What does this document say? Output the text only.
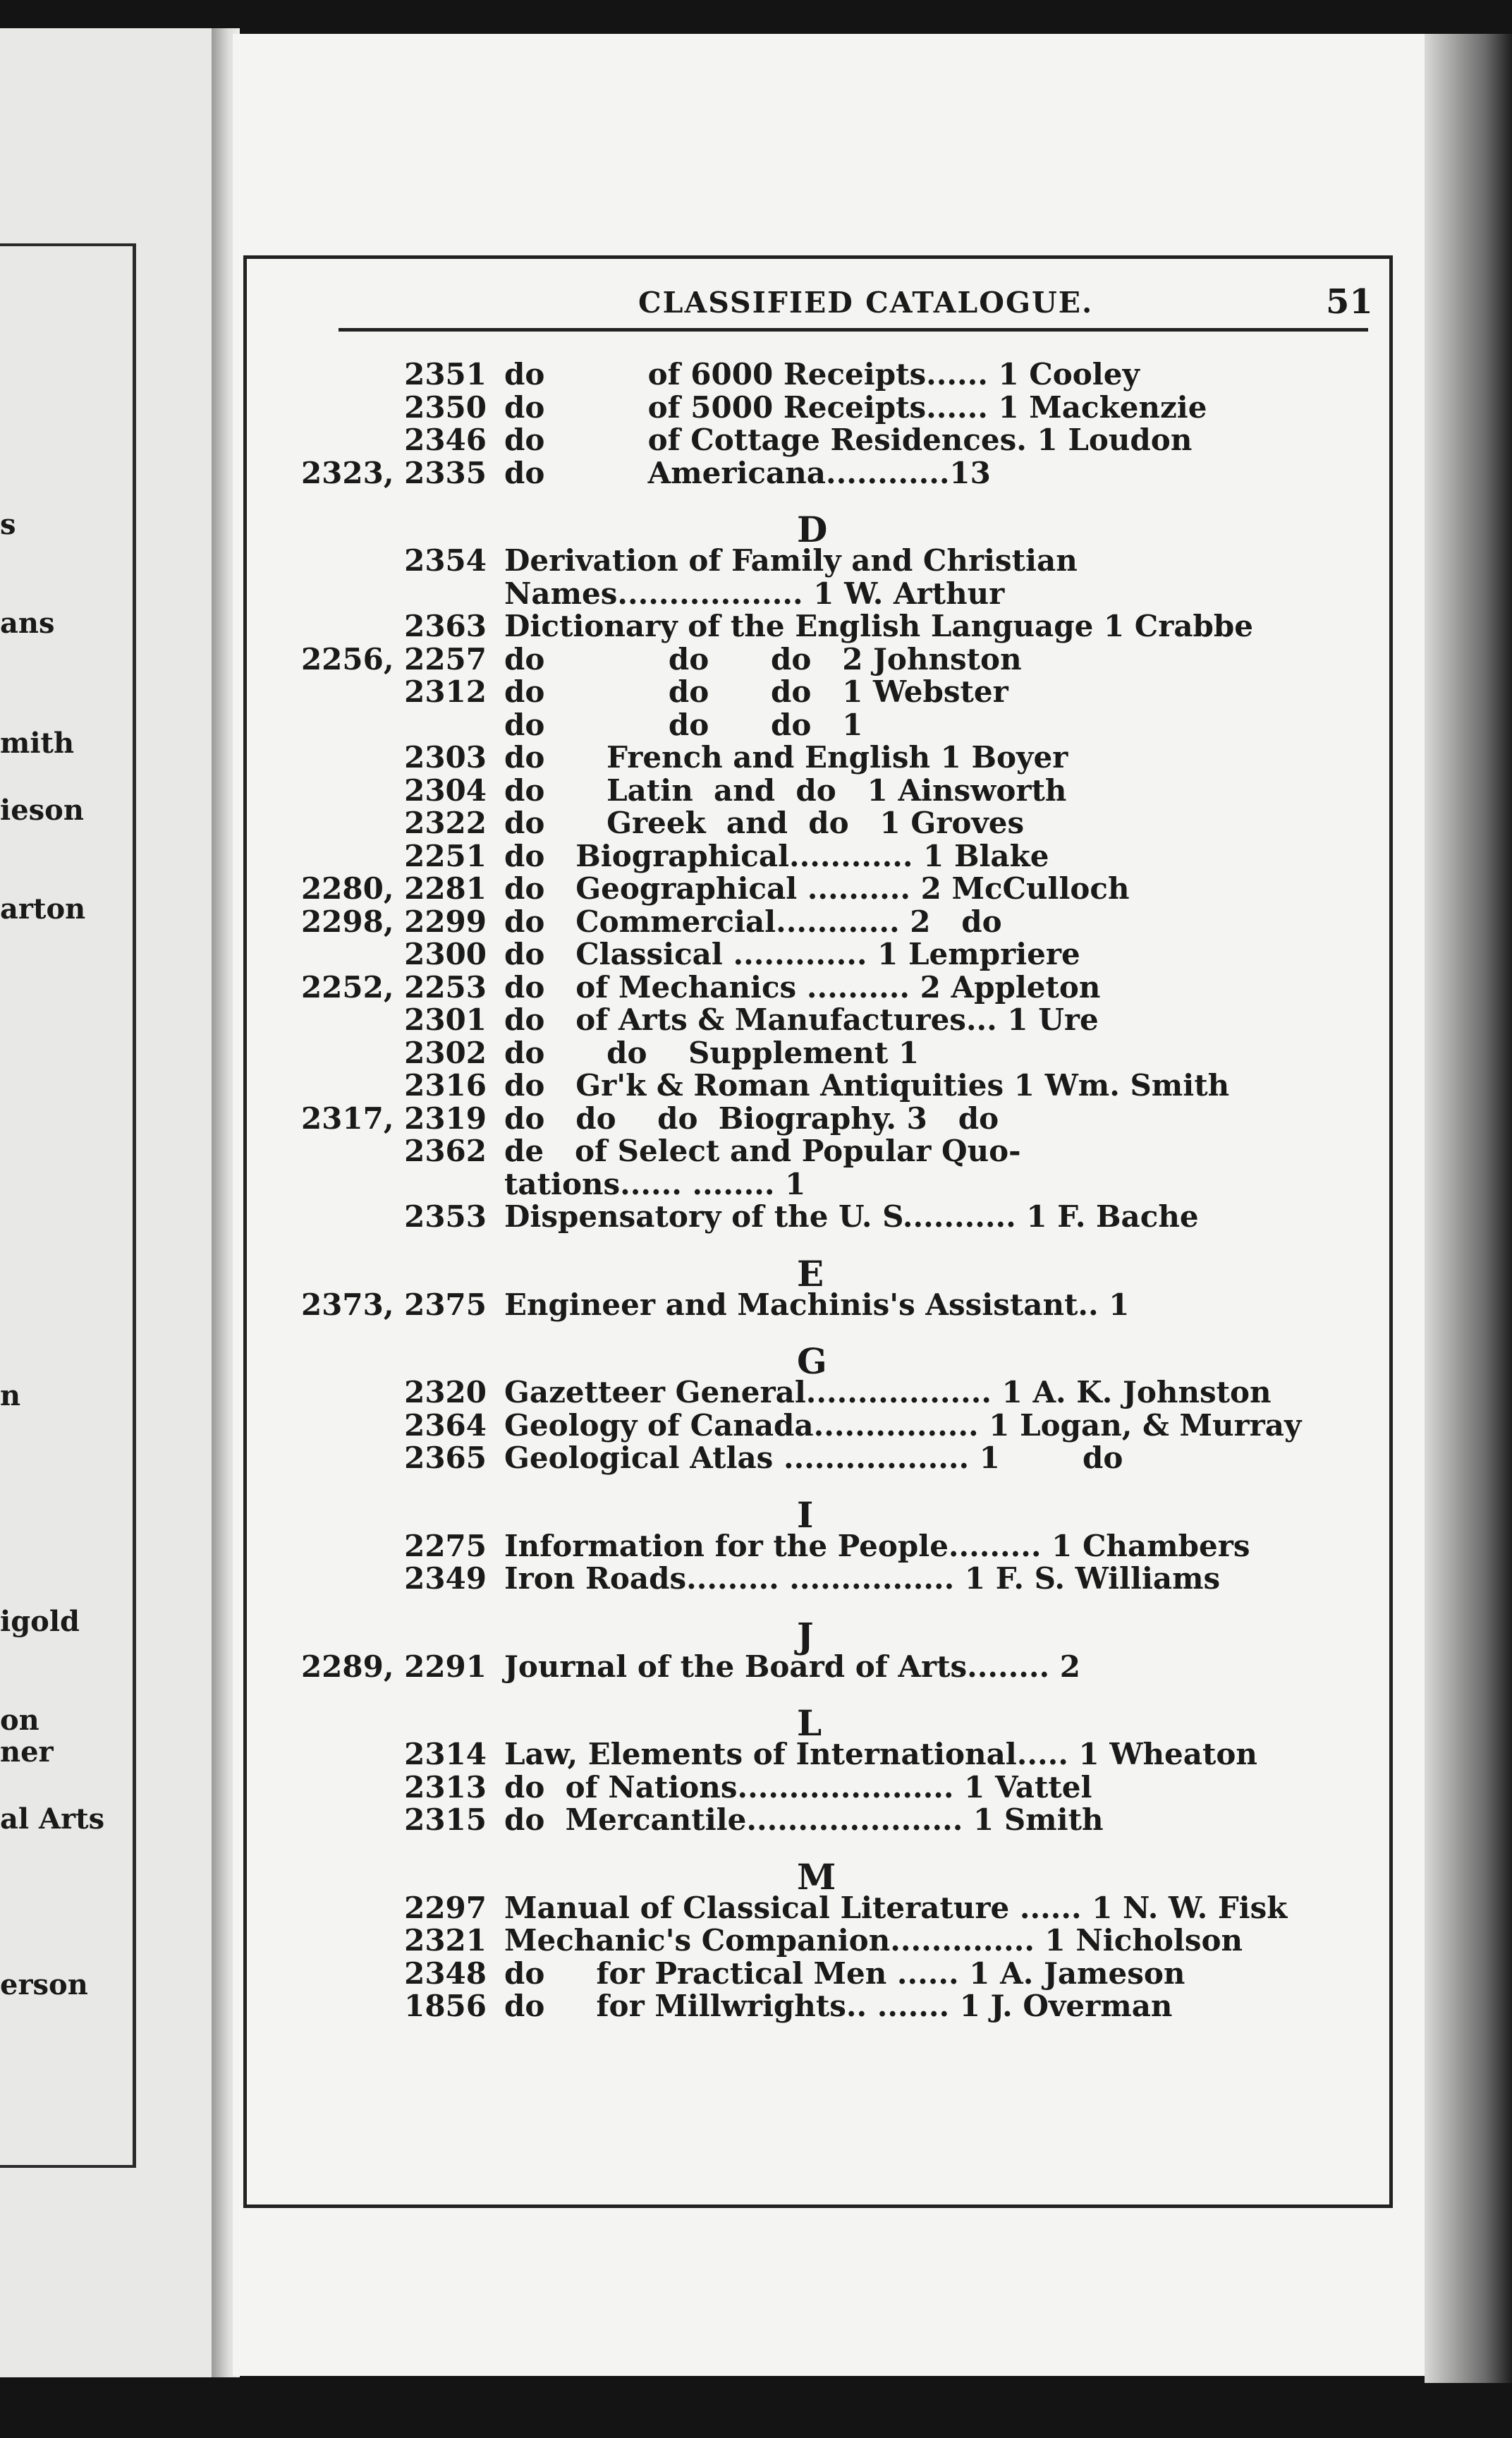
s
ans
mith
ieson
arton
n
igold
on
ner
al Arts
erson
CLASSIFIED CATALOGUE.	51
2351 do          of 6000 Receipts...... 1 Cooley
2350 do          of 5000 Receipts...... 1 Mackenzie
2346 do          of Cottage Residences. 1 Loudon
2323, 2335 do          Americana............13
D
2354 Derivation of Family and Christian
Names.................. 1 W. Arthur
2363 Dictionary of the English Language 1 Crabbe
2256, 2257 do            do      do   2 Johnston
2312 do            do      do   1 Webster
do            do      do   1
2303 do      French and English 1 Boyer
2304 do      Latin  and  do   1 Ainsworth
2322 do      Greek  and  do   1 Groves
2251 do   Biographical............ 1 Blake
2280, 2281 do   Geographical .......... 2 McCulloch
2298, 2299 do   Commercial............ 2   do
2300 do   Classical ............. 1 Lempriere
2252, 2253 do   of Mechanics .......... 2 Appleton
2301 do   of Arts & Manufactures... 1 Ure
2302 do      do    Supplement 1
2316 do   Gr'k & Roman Antiquities 1 Wm. Smith
2317, 2319 do   do    do  Biography. 3   do
2362 de   of Select and Popular Quo-
tations...... ........ 1
2353 Dispensatory of the U. S........... 1 F. Bache
E
2373, 2375 Engineer and Machinis's Assistant.. 1
G
2320 Gazetteer General.................. 1 A. K. Johnston
2364 Geology of Canada................ 1 Logan, & Murray
2365 Geological Atlas .................. 1        do
I
2275 Information for the People......... 1 Chambers
2349 Iron Roads......... ................ 1 F. S. Williams
J
2289, 2291 Journal of the Board of Arts........ 2
L
2314 Law, Elements of International..... 1 Wheaton
2313 do  of Nations..................... 1 Vattel
2315 do  Mercantile..................... 1 Smith
M
2297 Manual of Classical Literature ...... 1 N. W. Fisk
2321 Mechanic's Companion.............. 1 Nicholson
2348 do     for Practical Men ...... 1 A. Jameson
1856 do     for Millwrights.. ....... 1 J. Overman
